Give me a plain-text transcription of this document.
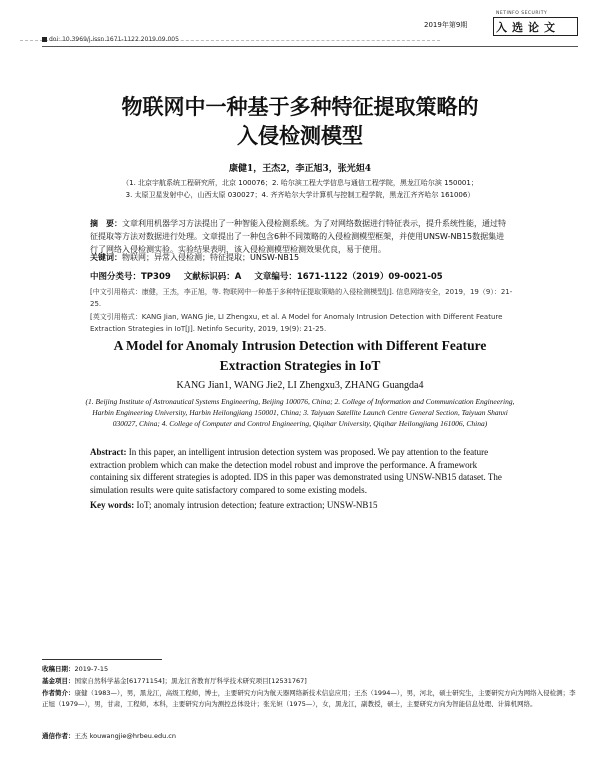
doi: 10.3969/j.issn.1671-1122.2019.09.005
NETINFO SECURITY
2019年第9期	入选论文
物联网中一种基于多种特征提取策略的
入侵检测模型
康健1，王杰2，李正旭3，张光妲4
（1. 北京宇航系统工程研究所，北京 100076；2. 哈尔滨工程大学信息与通信工程学院，黑龙江哈尔滨 150001；
3. 太原卫星发射中心，山西太原 030027；4. 齐齐哈尔大学计算机与控制工程学院，黑龙江齐齐哈尔 161006）
摘　要：文章利用机器学习方法提出了一种智能入侵检测系统。为了对网络数据进行特征表示，提升系统性能，通过特征提取等方法对数据进行处理。文章提出了一种包含6种不同策略的入侵检测模型框架，并使用UNSW-NB15数据集进行了网络入侵检测实验。实验结果表明，该入侵检测模型检测效果优良，易于使用。
关键词：物联网；异常入侵检测；特征提取；UNSW-NB15
中图分类号：TP309 文献标识码：A 文章编号：1671-1122（2019）09-0021-05
[中文引用格式：康健，王杰，李正旭，等. 物联网中一种基于多种特征提取策略的入侵检测模型[J]. 信息网络安全，2019，19（9）：21-25.
A Model for Anomaly Intrusion Detection with Different Feature
Extraction Strategies in IoT
KANG Jian1, WANG Jie2, LI Zhengxu3, ZHANG Guangda4
(1. Beijing Institute of Astronautical Systems Engineering, Beijing 100076, China; 2. College of Information and Communication Engineering, Harbin Engineering University, Harbin Heilongjiang 150001, China; 3. Taiyuan Satellite Launch Centre General Section, Taiyuan Shanxi 030027, China; 4. College of Computer and Control Engineering, Qiqihar University, Qiqihar Heilongjiang 161006, China)
Abstract: In this paper, an intelligent intrusion detection system was proposed. We pay attention to the feature extraction problem which can make the detection model robust and improve the performance. A framework containing six different strategies is adopted. IDS in this paper was demonstrated using UNSW-NB15 dataset. The simulation results were quite satisfactory compared to some existing models.
Key words: IoT; anomaly intrusion detection; feature extraction; UNSW-NB15
收稿日期：2019-7-15
基金项目：国家自然科学基金[61771154]；黑龙江省教育厅科学技术研究项目[12531767]
作者简介：康健（1983—），男，黑龙江，高级工程师，博士，主要研究方向为航天器网络新技术信息应用；王杰（1994—），男，河北，硕士研究生，主要研究方向为网络入侵检测；李正旭（1979—），男，甘肃，工程师，本科，主要研究方向为测控总体设计；张光妲（1975—），女，黑龙江，副教授，硕士，主要研究方向为智能信息处理、计算机网络。
通信作者：王杰 kouwangjie@hrbeu.edu.cn
[英文引用格式：KANG Jian, WANG Jie, LI Zhengxu, et al. A Model for Anomaly Intrusion Detection with Different Feature Extraction Strategies in IoT[J]. Netinfo Security, 2019, 19(9): 21-25.
